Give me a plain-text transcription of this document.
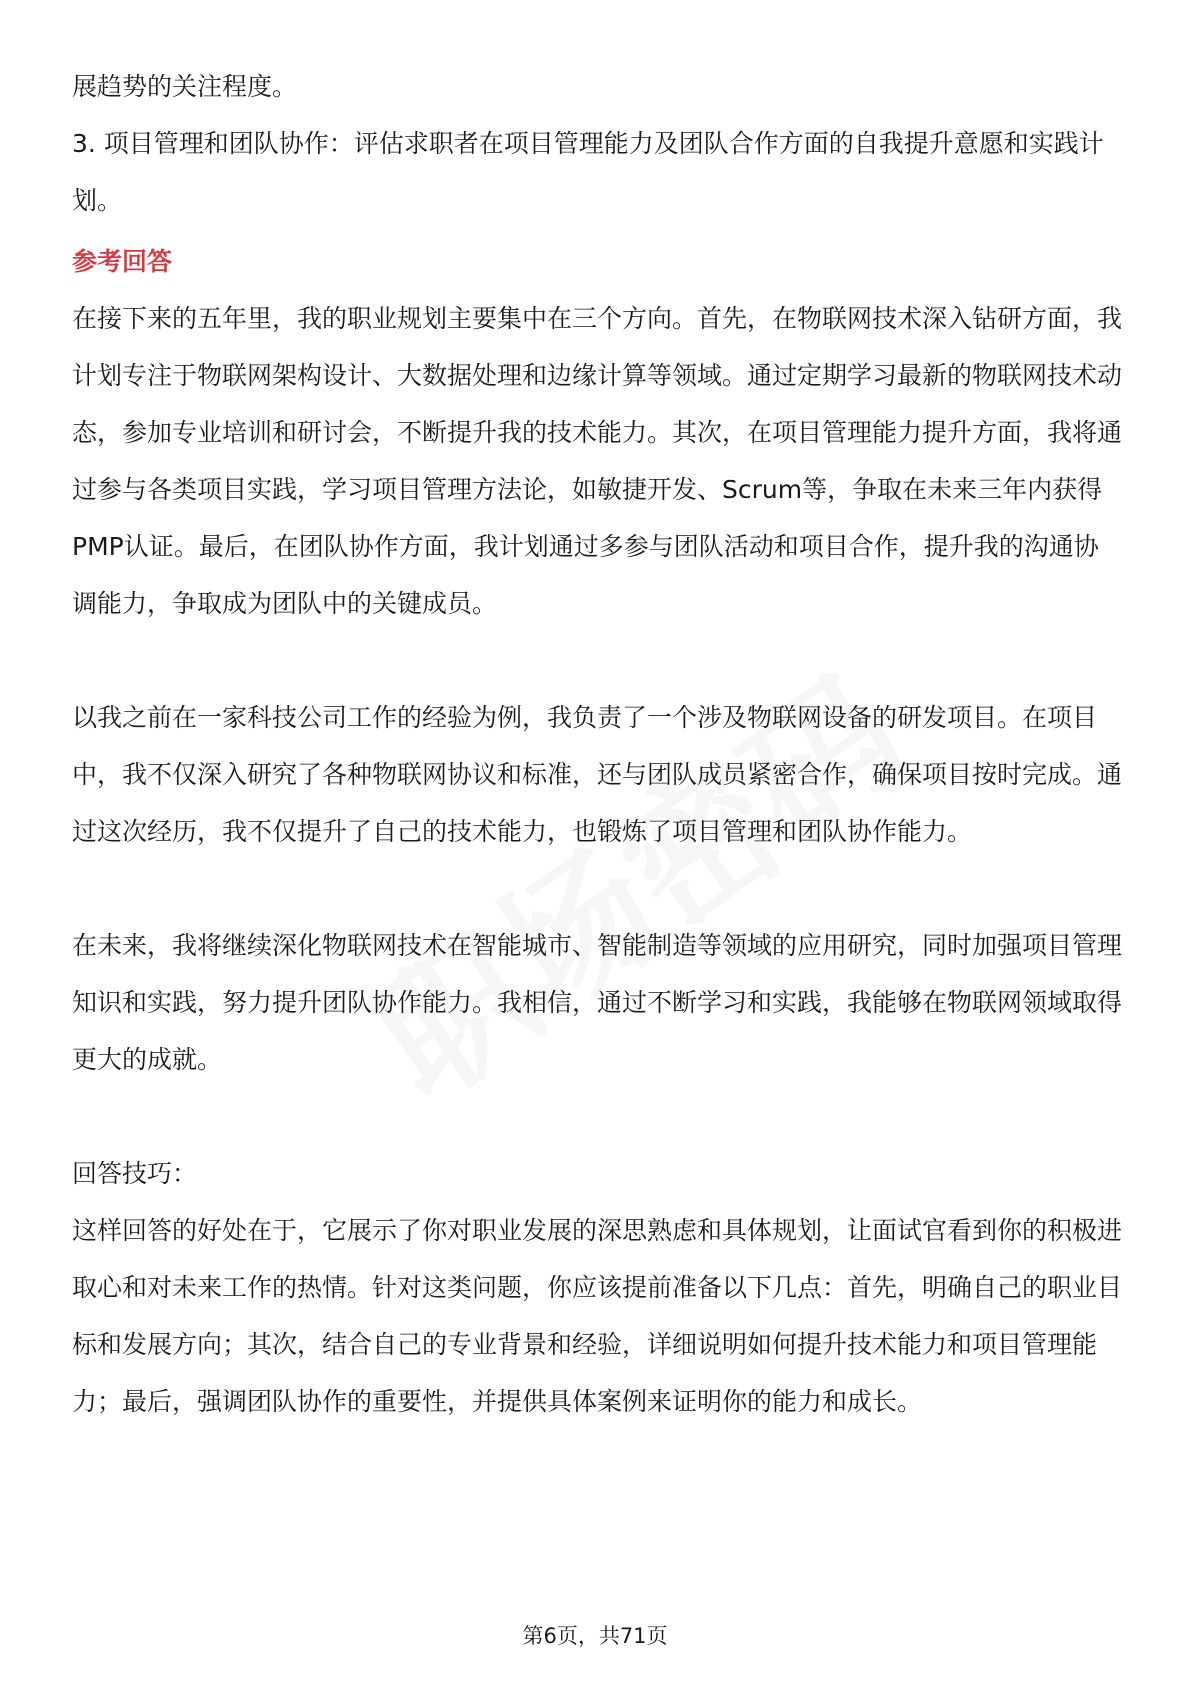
展趋势的关注程度。

3. 项目管理和团队协作：评估求职者在项目管理能力及团队合作方面的自我提升意愿和实践计划。

参考回答

在接下来的五年里，我的职业规划主要集中在三个方向。首先，在物联网技术深入钻研方面，我计划专注于物联网架构设计、大数据处理和边缘计算等领域。通过定期学习最新的物联网技术动态，参加专业培训和研讨会，不断提升我的技术能力。其次，在项目管理能力提升方面，我将通过参与各类项目实践，学习项目管理方法论，如敏捷开发、Scrum等，争取在未来三年内获得PMP认证。最后，在团队协作方面，我计划通过多参与团队活动和项目合作，提升我的沟通协调能力，争取成为团队中的关键成员。

以我之前在一家科技公司工作的经验为例，我负责了一个涉及物联网设备的研发项目。在项目中，我不仅深入研究了各种物联网协议和标准，还与团队成员紧密合作，确保项目按时完成。通过这次经历，我不仅提升了自己的技术能力，也锻炼了项目管理和团队协作能力。

在未来，我将继续深化物联网技术在智能城市、智能制造等领域的应用研究，同时加强项目管理知识和实践，努力提升团队协作能力。我相信，通过不断学习和实践，我能够在物联网领域取得更大的成就。

回答技巧：

这样回答的好处在于，它展示了你对职业发展的深思熟虑和具体规划，让面试官看到你的积极进取心和对未来工作的热情。针对这类问题，你应该提前准备以下几点：首先，明确自己的职业目标和发展方向；其次，结合自己的专业背景和经验，详细说明如何提升技术能力和项目管理能力；最后，强调团队协作的重要性，并提供具体案例来证明你的能力和成长。

第6页，共71页
